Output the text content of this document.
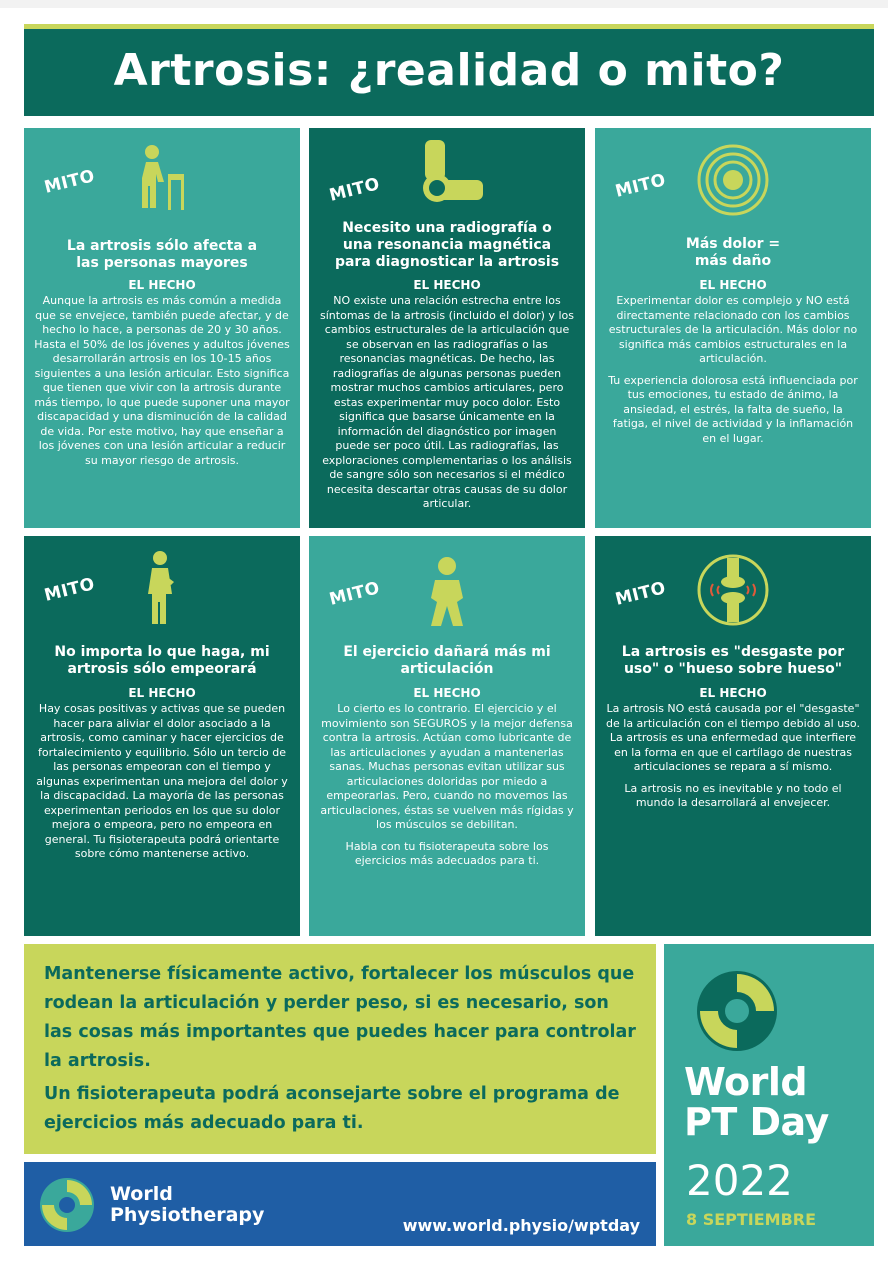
Artrosis: ¿realidad o mito?
MITO
La artrosis sólo afecta a las personas mayores
EL HECHO

Aunque la artrosis es más común a medida que se envejece, también puede afectar, y de hecho lo hace, a personas de 20 y 30 años. Hasta el 50% de los jóvenes y adultos jóvenes desarrollarán artrosis en los 10-15 años siguientes a una lesión articular. Esto significa que tienen que vivir con la artrosis durante más tiempo, lo que puede suponer una mayor discapacidad y una disminución de la calidad de vida. Por este motivo, hay que enseñar a los jóvenes con una lesión articular a reducir su mayor riesgo de artrosis.

MITO
Necesito una radiografía o una resonancia magnética para diagnosticar la artrosis
EL HECHO

NO existe una relación estrecha entre los síntomas de la artrosis (incluido el dolor) y los cambios estructurales de la articulación que se observan en las radiografías o las resonancias magnéticas. De hecho, las radiografías de algunas personas pueden mostrar muchos cambios articulares, pero estas experimentar muy poco dolor. Esto significa que basarse únicamente en la información del diagnóstico por imagen puede ser poco útil. Las radiografías, las exploraciones complementarias o los análisis de sangre sólo son necesarios si el médico necesita descartar otras causas de su dolor articular.

MITO
Más dolor = más daño
EL HECHO

Experimentar dolor es complejo y NO está directamente relacionado con los cambios estructurales de la articulación. Más dolor no significa más cambios estructurales en la articulación.

Tu experiencia dolorosa está influenciada por tus emociones, tu estado de ánimo, la ansiedad, el estrés, la falta de sueño, la fatiga, el nivel de actividad y la inflamación en el lugar.

MITO
No importa lo que haga, mi artrosis sólo empeorará
EL HECHO

Hay cosas positivas y activas que se pueden hacer para aliviar el dolor asociado a la artrosis, como caminar y hacer ejercicios de fortalecimiento y equilibrio. Sólo un tercio de las personas empeoran con el tiempo y algunas experimentan una mejora del dolor y la discapacidad. La mayoría de las personas experimentan periodos en los que su dolor mejora o empeora, pero no empeora en general. Tu fisioterapeuta podrá orientarte sobre cómo mantenerse activo.

MITO
El ejercicio dañará más mi articulación
EL HECHO

Lo cierto es lo contrario. El ejercicio y el movimiento son SEGUROS y la mejor defensa contra la artrosis. Actúan como lubricante de las articulaciones y ayudan a mantenerlas sanas. Muchas personas evitan utilizar sus articulaciones doloridas por miedo a empeorarlas. Pero, cuando no movemos las articulaciones, éstas se vuelven más rígidas y los músculos se debilitan.

Habla con tu fisioterapeuta sobre los ejercicios más adecuados para ti.

MITO
La artrosis es "desgaste por uso" o "hueso sobre hueso"
EL HECHO

La artrosis NO está causada por el "desgaste" de la articulación con el tiempo debido al uso. La artrosis es una enfermedad que interfiere en la forma en que el cartílago de nuestras articulaciones se repara a sí mismo.

La artrosis no es inevitable y no todo el mundo la desarrollará al envejecer.

Mantenerse físicamente activo, fortalecer los músculos que rodean la articulación y perder peso, si es necesario, son las cosas más importantes que puedes hacer para controlar la artrosis.

Un fisioterapeuta podrá aconsejarte sobre el programa de ejercicios más adecuado para ti.

World
Physiotherapy	www.world.physio/wptday
World
PT Day
2022
8 SEPTIEMBRE
